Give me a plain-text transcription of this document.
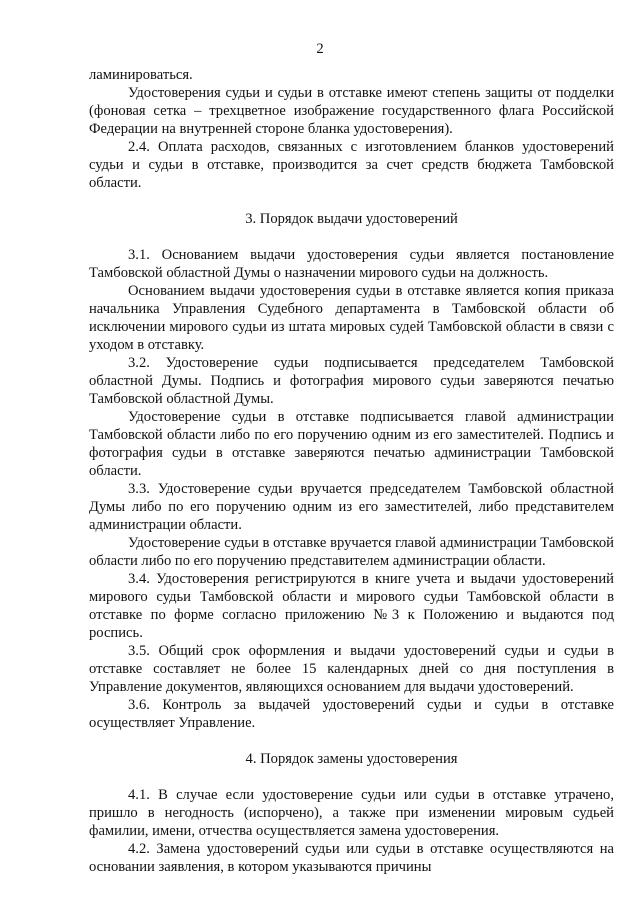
2

ламинироваться.

Удостоверения судьи и судьи в отставке имеют степень защиты от подделки (фоновая сетка – трехцветное изображение государственного флага Российской Федерации на внутренней стороне бланка удостоверения).

2.4. Оплата расходов, связанных с изготовлением бланков удостоверений судьи и судьи в отставке, производится за счет средств бюджета Тамбовской области.

3. Порядок выдачи удостоверений

3.1. Основанием выдачи удостоверения судьи является постановление Тамбовской областной Думы о назначении мирового судьи на должность.

Основанием выдачи удостоверения судьи в отставке является копия приказа начальника Управления Судебного департамента в Тамбовской области об исключении мирового судьи из штата мировых судей Тамбовской области в связи с уходом в отставку.

3.2. Удостоверение судьи подписывается председателем Тамбовской областной Думы. Подпись и фотография мирового судьи заверяются печатью Тамбовской областной Думы.

Удостоверение судьи в отставке подписывается главой администрации Тамбовской области либо по его поручению одним из его заместителей. Подпись и фотография судьи в отставке заверяются печатью администрации Тамбовской области.

3.3. Удостоверение судьи вручается председателем Тамбовской областной Думы либо по его поручению одним из его заместителей, либо представителем администрации области.

Удостоверение судьи в отставке вручается главой администрации Тамбовской области либо по его поручению представителем администрации области.

3.4. Удостоверения регистрируются в книге учета и выдачи удостоверений мирового судьи Тамбовской области и мирового судьи Тамбовской области в отставке по форме согласно приложению №3 к Положению и выдаются под роспись.

3.5. Общий срок оформления и выдачи удостоверений судьи и судьи в отставке составляет не более 15 календарных дней со дня поступления в Управление документов, являющихся основанием для выдачи удостоверений.

3.6. Контроль за выдачей удостоверений судьи и судьи в отставке осуществляет Управление.

4. Порядок замены удостоверения

4.1. В случае если удостоверение судьи или судьи в отставке утрачено, пришло в негодность (испорчено), а также при изменении мировым судьей фамилии, имени, отчества осуществляется замена удостоверения.

4.2. Замена удостоверений судьи или судьи в отставке осуществляются на основании заявления, в котором указываются причины
